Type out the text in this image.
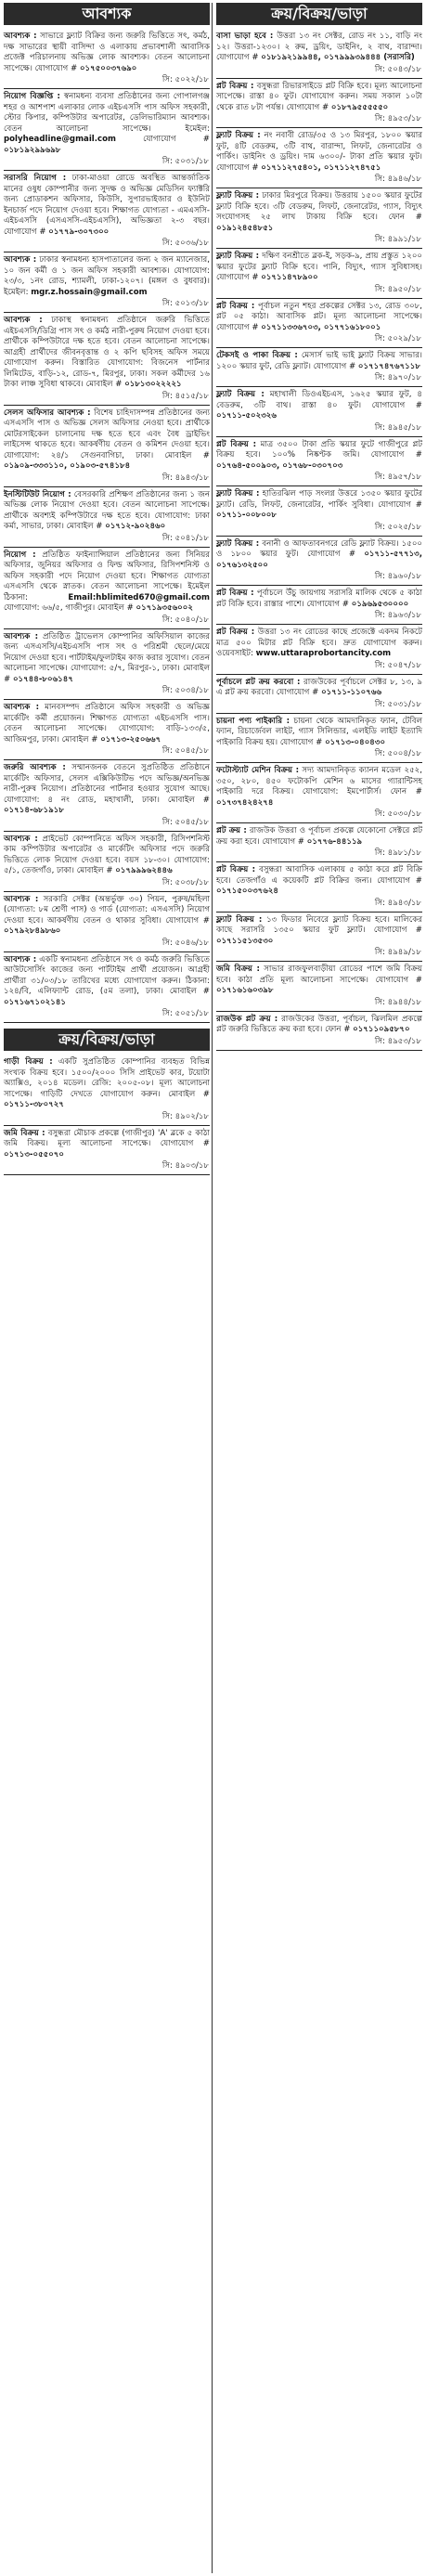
আবশ্যক

আবশ্যক : সাভারে ফ্ল্যাট বিক্রির জন্য জরুরি ভিত্তিতে সৎ, কর্মঠ, দক্ষ সাভারের স্থায়ী বাসিন্দা ও এলাকায় প্রভাবশালী আবাসিক প্রজেক্ট পরিচালনায় অভিজ্ঞ লোক আবশ্যক। বেতন আলোচনা সাপেক্ষে। যোগাযোগ # ০১৭৫০০৩৭৬৯০

সি: ৫০২২/১৮

নিয়োগ বিজ্ঞপ্তি : স্বনামধন্য ব্যবসা প্রতিষ্ঠানের জন্য গোপালগঞ্জ শহর ও আশপাশ এলাকার লোক এইচএসসি পাস অফিস সহকারী, স্টোর কিপার, কম্পিউটার অপারেটর, ডেলিভারিম্যান আবশ্যক। বেতন আলোচনা সাপেক্ষে। ইমেইল: polyheadline@gmail.com	যোগাযোগ # ০১৮১৯২৯৯৬৯৮

সি: ৫০৩১/১৮

সরাসরি নিয়োগ : ঢাকা-মাওয়া রোডে অবস্থিত আন্তর্জাতিক মানের ওষুধ কোম্পানীর জন্য সুদক্ষ ও অভিজ্ঞ মেডিসিন ফ্যাক্টরি জন্য প্রোডাকশন অফিসার, কিউসি, সুপারভাইজার ও ইউনিট ইনচার্জ পদে নিয়োগ দেওয়া হবে। শিক্ষাগত যোগ্যতা - এমএসসি-এইচএসসি (এসএসসি-এইচএসসি), অভিজ্ঞতা ২-৩ বছর। যোগাযোগ # ০১৭৭৯-৩০৭৩০০

সি: ৫০৩৬/১৮

আবশ্যক : ঢাকার স্বনামধন্য হাসপাতালের জন্য ২ জন ম্যানেজার, ১০ জন কর্মী ও ১ জন অফিস সহকারী আবশ্যক। যোগাযোগ: ২৩/৩, ১নং রোড, শ্যামলী, ঢাকা-১২০৭। (মঙ্গল ও বুধবার)। ইমেইল: mgr.z.hossain@gmail.com

সি: ৫০১৩/১৮

আবশ্যক : ঢাকাস্থ স্বনামধন্য প্রতিষ্ঠানে জরুরি ভিত্তিতে এইচএসসি/ডিগ্রি পাস সৎ ও কর্মঠ নারী-পুরুষ নিয়োগ দেওয়া হবে। প্রার্থীকে কম্পিউটারে দক্ষ হতে হবে। বেতন আলোচনা সাপেক্ষে। আগ্রহী প্রার্থীদের জীবনবৃত্তান্ত ও ২ কপি ছবিসহ অফিস সময়ে যোগাযোগ করুন। বিস্তারিত যোগাযোগ: বিজনেস পার্টনার লিমিটেড, বাড়ি-১২, রোড-৭, মিরপুর, ঢাকা। সকল কর্মীদের ১৬ টাকা লাঞ্চ সুবিধা থাকবে। মোবাইল # ০১৮১৩০২২২২১

সি: ৪৫১৫/১৮

সেলস অফিসার আবশ্যক : বিশেষ চাহিদাসম্পন্ন প্রতিষ্ঠানের জন্য এসএসসি পাস ও অভিজ্ঞ সেলস অফিসার নেওয়া হবে। প্রার্থীকে মোটরসাইকেল চালানোয় দক্ষ হতে হবে এবং বৈধ ড্রাইভিং লাইসেন্স থাকতে হবে। আকর্ষণীয় বেতন ও কমিশন দেওয়া হবে। যোগাযোগ: ২৪/১ সেগুনবাগিচা, ঢাকা। মোবাইল # ০১৯০৯-৩৩৩১১০, ০১৯০৩-৫৭৪১৮৪

সি: ৪৯৪৩/১৮

ইনস্টিটিউট নিয়োগ : বেসরকারি প্রশিক্ষণ প্রতিষ্ঠানের জন্য ১ জন অভিজ্ঞ লোক নিয়োগ দেওয়া হবে। বেতন আলোচনা সাপেক্ষে। প্রার্থীকে অবশ্যই কম্পিউটারে দক্ষ হতে হবে। যোগাযোগ: ঢাকা কর্মা, সাভার, ঢাকা। মোবাইল # ০১৭১২-৯০২৪৬০

সি: ৫০৪১/১৮

নিয়োগ : প্রতিষ্ঠিত ফাইন্যান্সিয়াল প্রতিষ্ঠানের জন্য সিনিয়র অফিসার, জুনিয়র অফিসার ও ফিল্ড অফিসার, রিসিপশনিস্ট ও অফিস সহকারী পদে নিয়োগ দেওয়া হবে। শিক্ষাগত যোগ্যতা এসএসসি থেকে স্নাতক। বেতন আলোচনা সাপেক্ষে। ইমেইল ঠিকানা:	Email:hblimited670@gmail.com যোগাযোগ: ৬৬/৫, গাজীপুর। মোবাইল # ০১৭১৯৩৫৬০০২

সি: ৫০৪০/১৮

আবশ্যক : প্রতিষ্ঠিত ট্রাভেলস কোম্পানির অফিসিয়াল কাজের জন্য এসএসসি/এইচএসসি পাস সৎ ও পরিশ্রমী ছেলে/মেয়ে নিয়োগ দেওয়া হবে। পার্টটাইম/ফুলটাইম কাজ করার সুযোগ। বেতন আলোচনা সাপেক্ষে। যোগাযোগ: ৫/৭, মিরপুর-১, ঢাকা। মোবাইল # ০১৭৪৪-৮০৬১৪৭

সি: ৫০৩৪/১৮

আবশ্যক : মানবসম্পদ প্রতিষ্ঠানে অফিস সহকারী ও অভিজ্ঞ মার্কেটিং কর্মী প্রয়োজন। শিক্ষাগত যোগ্যতা এইচএসসি পাস। বেতন আলোচনা সাপেক্ষে। যোগাযোগ: বাড়ি-১৩৩/৫, আজিমপুর, ঢাকা। মোবাইল # ০১৭১৩-২৫০৬৬৭

সি: ৫০৪৫/১৮

জরুরি আবশ্যক : সম্মানজনক বেতনে সুপ্রতিষ্ঠিত প্রতিষ্ঠানে মার্কেটিং অফিসার, সেলস এক্সিকিউটিভ পদে অভিজ্ঞ/অনভিজ্ঞ নারী-পুরুষ নিয়োগ। প্রতিষ্ঠানের পার্টনার হওয়ার সুযোগ আছে। যোগাযোগ: ৪ নং রোড, মহাখালী, ঢাকা। মোবাইল # ০১৭১৪-৬৮১৯১৮

সি: ৫০৪৫/১৮

আবশ্যক : প্রাইভেট কোম্পানিতে অফিস সহকারী, রিসিপশনিস্ট কাম কম্পিউটার অপারেটর ও মার্কেটিং অফিসার পদে জরুরি ভিত্তিতে লোক নিয়োগ দেওয়া হবে। বয়স ১৮-৩০। যোগাযোগ: ৫/১, তেজগাঁও, ঢাকা। মোবাইল # ০১৭৯৯৯৬২৪৪৬

সি: ৫০৩৮/১৮

আবশ্যক : সরকারি সেক্টর (অন্তর্ভুক্ত ৩০) পিয়ন, পুরুষ/মহিলা (যোগ্যতা: ৮ম শ্রেণী পাস) ও গার্ড (যোগ্যতা: এসএসসি) নিয়োগ দেওয়া হবে। আকর্ষণীয় বেতন ও থাকার সুবিধা। যোগাযোগ # ০১৭৯২৮৪৯৮৬০

সি: ৫০৪৬/১৮

আবশ্যক : একটি স্বনামধন্য প্রতিষ্ঠানে সৎ ও কর্মঠ জরুরি ভিত্তিতে আউটসোর্সিং কাজের জন্য পার্টটাইম প্রার্থী প্রয়োজন। আগ্রহী প্রার্থীরা ৩১/০৩/১৮ তারিখের মধ্যে যোগাযোগ করুন। ঠিকানা: ১২৪/বি, এলিফ্যান্ট রোড, (৫ম তলা), ঢাকা। মোবাইল # ০১৭১৬৭১০২১৪১

সি: ৫০৫১/১৮
ক্রয়/বিক্রয়/ভাড়া

গাড়ী বিক্রয় : একটি সুপ্রতিষ্ঠিত কোম্পানির ব্যবহৃত বিভিন্ন সংখ্যক বিক্রয় হবে। ১৫০০/২০০০ সিসি প্রাইভেট কার, টয়োটা অ্যাক্সিও, ২০১৪ মডেল। রেজি: ২০০৫-০৮। মূল্য আলোচনা সাপেক্ষে। গাড়িটি দেখতে যোগাযোগ করুন। মোবাইল # ০১৭১১-৩৮০৭২৭

সি: ৪৯০২/১৮

জমি বিক্রয় : বসুন্ধরা মৌচাক প্রকল্পে (গাজীপুর) 'A' ব্লকে ৫ কাঠা জমি বিক্রয়। মূল্য আলোচনা সাপেক্ষে। যোগাযোগ # ০১৭১৩-০৫৫০৭০

সি: ৪৯০৩/১৮
ক্রয়/বিক্রয়/ভাড়া

বাসা ভাড়া হবে : উত্তরা ১৩ নং সেক্টর, রোড নং ১১, বাড়ি নং ১২। উত্তরা-১২৩০। ২ রুম, ড্রয়িং, ডাইনিং, ২ বাথ, বারান্দা। যোগাযোগ # ০১৮১৯২১৯৯৪৪, ০১৭৯৯৯৩৯৪৪৪ (সরাসরি)

সি: ৫০৪৩/১৮

প্লট বিক্রয় : বসুন্ধরা রিভারসাইডে প্লট বিক্রি হবে। মূল্য আলোচনা সাপেক্ষে। রাস্তা ৪০ ফুট। যোগাযোগ করুন। সময় সকাল ১০টা থেকে রাত ৮টা পর্যন্ত। যোগাযোগ # ০১৮৭৯৫৫৫৫৫০

সি: ৪৯৫৩/১৮

ফ্ল্যাট বিক্রয় : নং নবাবী রোড/৩৫ ও ১৩ মিরপুর, ১৮০০ স্কয়ার ফুট, ৪টি বেডরুম, ৩টি বাথ, বারান্দা, লিফট, জেনারেটর ও পার্কিং। ডাইনিং ও ড্রয়িং। দাম ৬৩০০/- টাকা প্রতি স্কয়ার ফুট। যোগাযোগ # ০১৭১১২৭৫৪০১, ০১৭১১২৭৪৭৫১

সি: ৪৯৪৬/১৮

ফ্ল্যাট বিক্রয় : ঢাকার মিরপুরে বিক্রয়। উত্তরায় ১৫০০ স্কয়ার ফুটের ফ্ল্যাট বিক্রি হবে। ৩টি বেডরুম, লিফট, জেনারেটর, গ্যাস, বিদ্যুৎ সংযোগসহ ২৫ লাখ টাকায় বিক্রি হবে। ফোন # ০১৯১২৪৫৪৮৫১

সি: ৪৯৯১/১৮

ফ্ল্যাট বিক্রয় : দক্ষিণ বনশ্রীতে ব্লক-ই, সড়ক-৯, প্রায় প্রস্তুত ১২০০ স্কয়ার ফুটের ফ্ল্যাট বিক্রি হবে। পানি, বিদ্যুৎ, গ্যাস সুবিধাসহ। যোগাযোগ # ০১৭১১৪৭৮৯০০

সি: ৪৯৫০/১৮

প্লট বিক্রয় : পূর্বাচল নতুন শহর প্রকল্পের সেক্টর ১৩, রোড ৩০৮, প্লট ০৫ কাঠা। আবাসিক প্লট। মূল্য আলোচনা সাপেক্ষে। যোগাযোগ # ০১৭১১৩৩৬৭০৩, ০১৭৭১৬১৮০০১

সি: ৫০২৯/১৮

টেকসই ও পাকা বিক্রয় : মেসার্স ভাই ভাই ফ্ল্যাট বিক্রয় সাভার। ১২০০ স্কয়ার ফুট, রেডি ফ্ল্যাট। যোগাযোগ # ০১৭১৭৪৭৬৭১১৮

সি: ৪৯৭০/১৮

ফ্ল্যাট বিক্রয় : মহাখালী ডিওএইচএস, ১৬২৫ স্কয়ার ফুট, ৪ বেডরুম, ৩টি বাথ। রাস্তা ৪০ ফুট। যোগাযোগ # ০১৭১১-৫০২৩২৬

সি: ৪৯৪৫/১৮

প্লট বিক্রয় : মাত্র ৩৫০০ টাকা প্রতি স্কয়ার ফুটে গাজীপুরে প্লট বিক্রয় হবে। ১০০% নিষ্কণ্টক জমি। যোগাযোগ # ০১৭৬৪-৫০০৯০৩, ০১৭৬৮-০৩০৭০৩

সি: ৪৯৫৭/১৮

ফ্ল্যাট বিক্রয় : হাতিরঝিল পাড় সংলগ্ন উত্তরে ১৩৫০ স্কয়ার ফুটের ফ্ল্যাট। রেডি, লিফট, জেনারেটর, পার্কিং সুবিধা। যোগাযোগ # ০১৭১১-০০৮০০৮

সি: ৫০২৫/১৮

ফ্ল্যাট বিক্রয় : বনানী ও আফতাবনগরে রেডি ফ্ল্যাট বিক্রয়। ১৫০০ ও ১৮০০ স্কয়ার ফুট। যোগাযোগ # ০১৭১১-৫৭৭১৩, ০১৭৬১৩২৫০০

সি: ৪৯৬০/১৮

প্লট বিক্রয় : পূর্বাচলে উঁচু জায়গায় সরাসরি মালিক থেকে ৫ কাঠা প্লট বিক্রি হবে। রাস্তার পাশে। যোগাযোগ # ০১৯৬৯৫৩০০০০

সি: ৪৯৬৩/১৮

প্লট বিক্রয় : উত্তরা ১৩ নং রোডের কাছে প্রজেক্টে একদম নিকটে মাত্র ৫০০ মিটার প্লট বিক্রি হবে। দ্রুত যোগাযোগ করুন। ওয়েবসাইট: www.uttaraprobortancity.com

সি: ৫০৪৭/১৮

পূর্বাচলে প্লট ক্রয় করবো : রাজউকের পূর্বাচলে সেক্টর ৮, ১৩, ৯ এ প্লট ক্রয় করবো। যোগাযোগ # ০১৭১১-১১০৭৬৬

সি: ৫০৩১/১৮

চায়না পণ্য পাইকারি : চায়না থেকে আমদানিকৃত ফ্যান, টেবিল ফ্যান, রিচার্জেবল লাইট, গ্যাস সিলিন্ডার, এলইডি লাইট ইত্যাদি পাইকারি বিক্রয় হয়। যোগাযোগ # ০১৭১৩-০৪০৪৩০

সি: ৫০০৪/১৮

ফটোস্ট্যাট মেশিন বিক্রয় : সদ্য আমদানিকৃত ক্যানন মডেল ২৫২, ৩৫০, ২৮০, ৪৫০ ফটোকপি মেশিন ৬ মাসের গ্যারান্টিসহ পাইকারি দরে বিক্রয়। যোগাযোগ: ইমপোর্টার্স। ফোন # ০১৭৩৭৪২৪২৭৪

সি: ৫০৩০/১৮

প্লট ক্রয় : রাজউক উত্তরা ও পূর্বাচল প্রকল্পে যেকোনো সেক্টরে প্লট ক্রয় করা হবে। যোগাযোগ # ০১৭৭৬-৪৪১১৯

সি: ৪৯৮১/১৮

প্লট বিক্রয় : বসুন্ধরা আবাসিক এলাকায় ৫ কাঠা করে প্লট বিক্রি হবে। তেজগাঁও এ কয়েকটি প্লট বিক্রির জন্য। যোগাযোগ # ০১৭১৫০০৩৭৬২৪

সি: ৪৯৪৩/১৮

ফ্ল্যাট বিক্রয় : ১৩ ফিডার নিবেরে ফ্ল্যাট বিক্রয় হবে। মালিকের কাছে সরাসরি ১৩৫০ স্কয়ার ফুট ফ্ল্যাট। যোগাযোগ # ০১৭১১৫১৩৫৩০

সি: ৪৯৪৯/১৮

জমি বিক্রয় : সাভার রাজফুলবাড়ীয়া রোডের পাশে জমি বিক্রয় হবে। কাঠা প্রতি মূল্য আলোচনা সাপেক্ষে। যোগাযোগ # ০১৭১৬১৬০৩৯৮

সি: ৪৯৪৪/১৮

রাজউক প্লট ক্রয় : রাজউকের উত্তরা, পূর্বাচল, ঝিলমিল প্রকল্পে প্লট জরুরি ভিত্তিতে ক্রয় করা হবে। ফোন # ০১৭১১০৯৫৮৭০

সি: ৪৯৫৩/১৮
